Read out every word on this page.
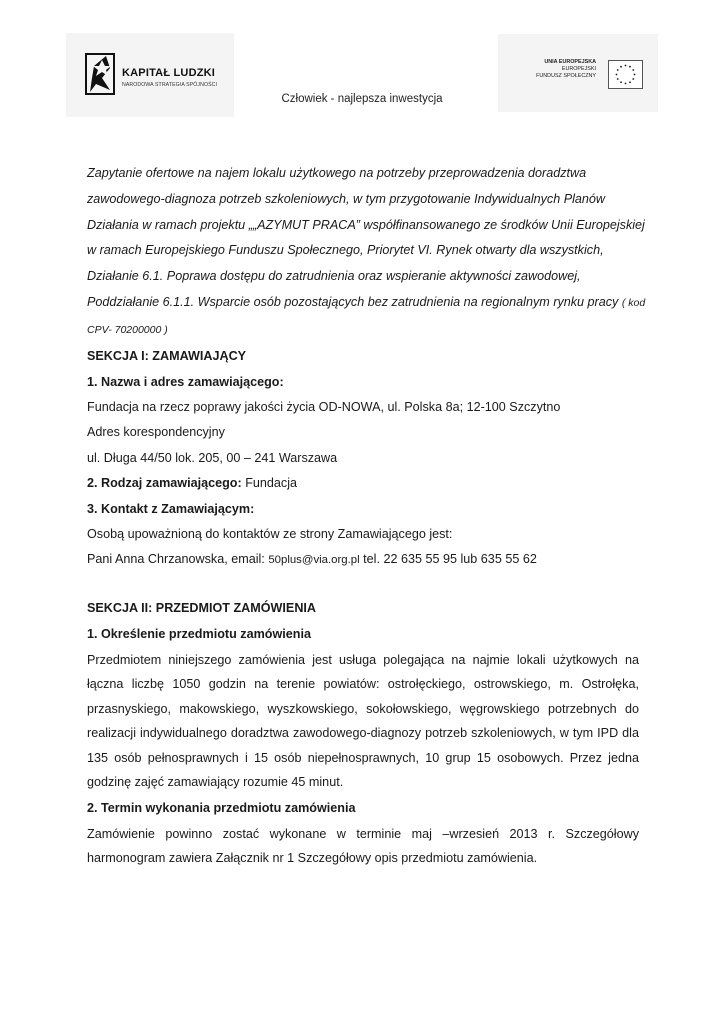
KAPITAŁ LUDZKI
NARODOWA STRATEGIA SPÓJNOŚCI
UNIA EUROPEJSKA
EUROPEJSKI
FUNDUSZ SPOŁECZNY
Człowiek - najlepsza inwestycja
Zapytanie ofertowe na najem lokalu użytkowego na potrzeby przeprowadzenia doradztwa zawodowego-diagnoza potrzeb szkoleniowych, w tym przygotowanie Indywidualnych Planów Działania w ramach projektu „„AZYMUT PRACA” współfinansowanego ze środków Unii Europejskiej w ramach Europejskiego Funduszu Społecznego, Priorytet VI. Rynek otwarty dla wszystkich, Działanie 6.1. Poprawa dostępu do zatrudnienia oraz wspieranie aktywności zawodowej, Poddziałanie 6.1.1. Wsparcie osób pozostających bez zatrudnienia na regionalnym rynku pracy ( kod CPV- 70200000 )
SEKCJA I: ZAMAWIAJĄCY
1. Nazwa i adres zamawiającego:
Fundacja na rzecz poprawy jakości życia OD-NOWA, ul. Polska 8a; 12-100 Szczytno
Adres korespondencyjny
ul. Długa 44/50 lok. 205, 00 – 241 Warszawa
2. Rodzaj zamawiającego: Fundacja
3. Kontakt z Zamawiającym:
Osobą upoważnioną do kontaktów ze strony Zamawiającego jest:
Pani Anna Chrzanowska, email: 50plus@via.org.pl tel. 22 635 55 95 lub 635 55 62
SEKCJA II: PRZEDMIOT ZAMÓWIENIA
1. Określenie przedmiotu zamówienia
Przedmiotem niniejszego zamówienia jest usługa polegająca na najmie lokali użytkowych na łączna liczbę 1050 godzin na terenie powiatów: ostrołęckiego, ostrowskiego, m. Ostrołęka, przasnyskiego, makowskiego, wyszkowskiego, sokołowskiego, węgrowskiego potrzebnych do realizacji indywidualnego doradztwa zawodowego-diagnozy potrzeb szkoleniowych, w tym IPD dla 135 osób pełnosprawnych i 15 osób niepełnosprawnych, 10 grup 15 osobowych. Przez jedna godzinę zajęć zamawiający rozumie 45 minut.
2. Termin wykonania przedmiotu zamówienia
Zamówienie powinno zostać wykonane w terminie maj –wrzesień 2013 r. Szczegółowy harmonogram zawiera Załącznik nr 1 Szczegółowy opis przedmiotu zamówienia.
